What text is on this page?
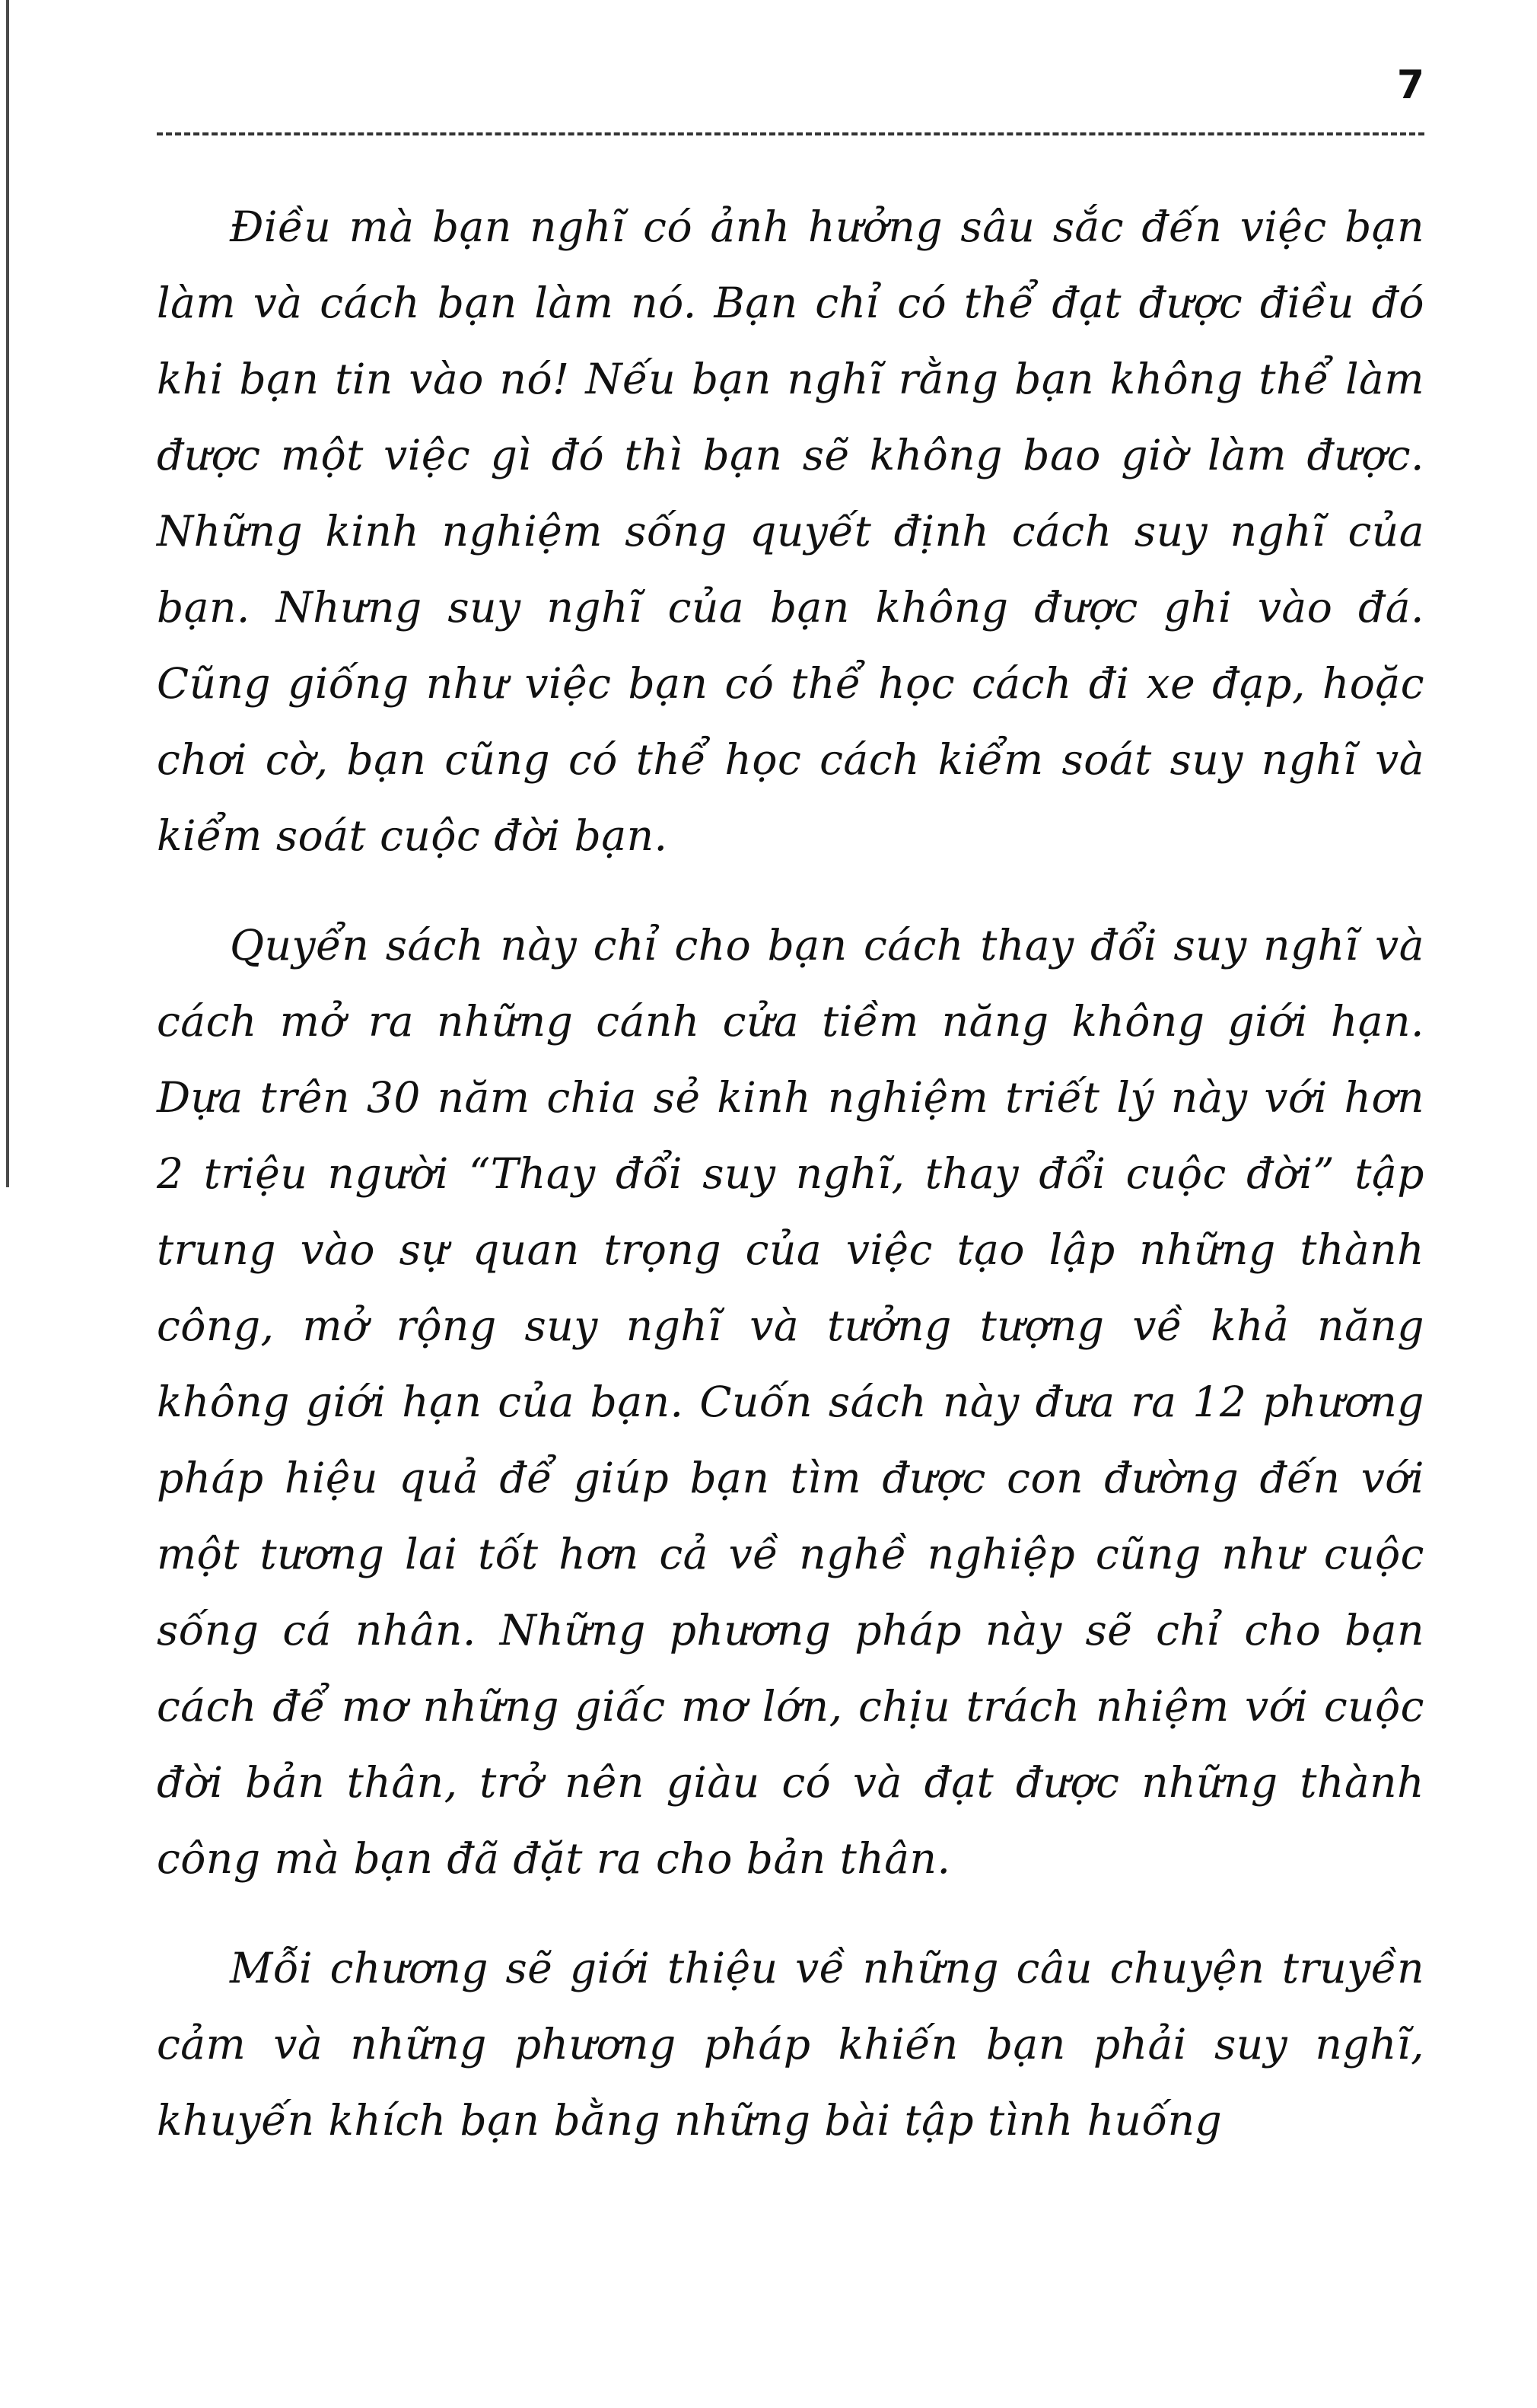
7

Điều mà bạn nghĩ có ảnh hưởng sâu sắc đến việc bạn làm và cách bạn làm nó. Bạn chỉ có thể đạt được điều đó khi bạn tin vào nó! Nếu bạn nghĩ rằng bạn không thể làm được một việc gì đó thì bạn sẽ không bao giờ làm được. Những kinh nghiệm sống quyết định cách suy nghĩ của bạn. Nhưng suy nghĩ của bạn không được ghi vào đá. Cũng giống như việc bạn có thể học cách đi xe đạp, hoặc chơi cờ, bạn cũng có thể học cách kiểm soát suy nghĩ và kiểm soát cuộc đời bạn.

Quyển sách này chỉ cho bạn cách thay đổi suy nghĩ và cách mở ra những cánh cửa tiềm năng không giới hạn. Dựa trên 30 năm chia sẻ kinh nghiệm triết lý này với hơn 2 triệu người “Thay đổi suy nghĩ, thay đổi cuộc đời” tập trung vào sự quan trọng của việc tạo lập những thành công, mở rộng suy nghĩ và tưởng tượng về khả năng không giới hạn của bạn. Cuốn sách này đưa ra 12 phương pháp hiệu quả để giúp bạn tìm được con đường đến với một tương lai tốt hơn cả về nghề nghiệp cũng như cuộc sống cá nhân. Những phương pháp này sẽ chỉ cho bạn cách để mơ những giấc mơ lớn, chịu trách nhiệm với cuộc đời bản thân, trở nên giàu có và đạt được những thành công mà bạn đã đặt ra cho bản thân.

Mỗi chương sẽ giới thiệu về những câu chuyện truyền cảm và những phương pháp khiến bạn phải suy nghĩ, khuyến khích bạn bằng những bài tập tình huống
